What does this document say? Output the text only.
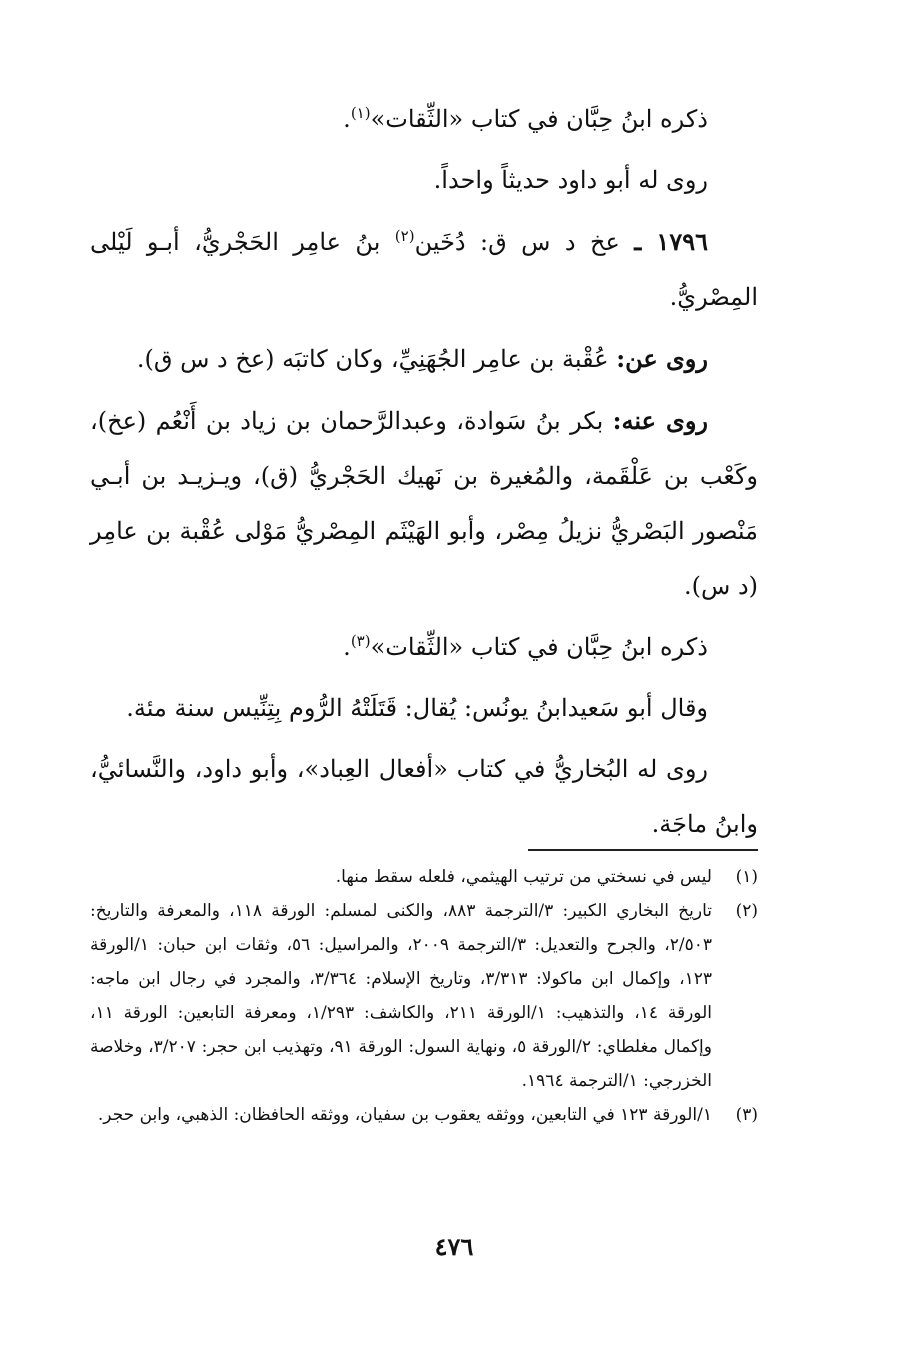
ذكره ابنُ حِبَّان في كتاب «الثِّقات»$^{(١)}$.

روى له أبو داود حديثاً واحداً.

١٧٩٦ ـ عخ د س ق: دُخَين$^{(٢)}$ بنُ عامِر الحَجْريُّ، أبـو لَيْلى المِصْريُّ.

روى عن: عُقْبة بن عامِر الجُهَنِيِّ، وكان كاتبَه (عخ د س ق).

روى عنه: بكر بنُ سَوادة، وعبدالرَّحمان بن زياد بن أَنْعُم (عخ)، وكَعْب بن عَلْقَمة، والمُغيرة بن نَهيك الحَجْريُّ (ق)، ويـزيـد بن أبـي مَنْصور البَصْريُّ نزيلُ مِصْر، وأبو الهَيْثَم المِصْريُّ مَوْلى عُقْبة بن عامِر (د س).

ذكره ابنُ حِبَّان في كتاب «الثِّقات»$^{(٣)}$.

وقال أبو سَعيدابنُ يونُس: يُقال: قَتَلَتْهُ الرُّوم بِتِنِّيس سنة مئة.

روى له البُخاريُّ في كتاب «أفعال العِباد»، وأبو داود، والنَّسائيُّ، وابنُ ماجَة.

(١)
ليس في نسختي من ترتيب الهيثمي، فلعله سقط منها.

(٢)
تاريخ البخاري الكبير: ٣/الترجمة ٨٨٣، والكنى لمسلم: الورقة ١١٨، والمعرفة والتاريخ: ٢/٥٠٣، والجرح والتعديل: ٣/الترجمة ٢٠٠٩، والمراسيل: ٥٦، وثقات ابن حبان: ١/الورقة ١٢٣، وإكمال ابن ماكولا: ٣/٣١٣، وتاريخ الإسلام: ٣/٣٦٤، والمجرد في رجال ابن ماجه: الورقة ١٤، والتذهيب: ١/الورقة ٢١١، والكاشف: ١/٢٩٣، ومعرفة التابعين: الورقة ١١، وإكمال مغلطاي: ٢/الورقة ٥، ونهاية السول: الورقة ٩١، وتهذيب ابن حجر: ٣/٢٠٧، وخلاصة الخزرجي: ١/الترجمة ١٩٦٤.

(٣)
١/الورقة ١٢٣ في التابعين، ووثقه يعقوب بن سفيان، ووثقه الحافظان: الذهبي، وابن حجر.

٤٧٦
